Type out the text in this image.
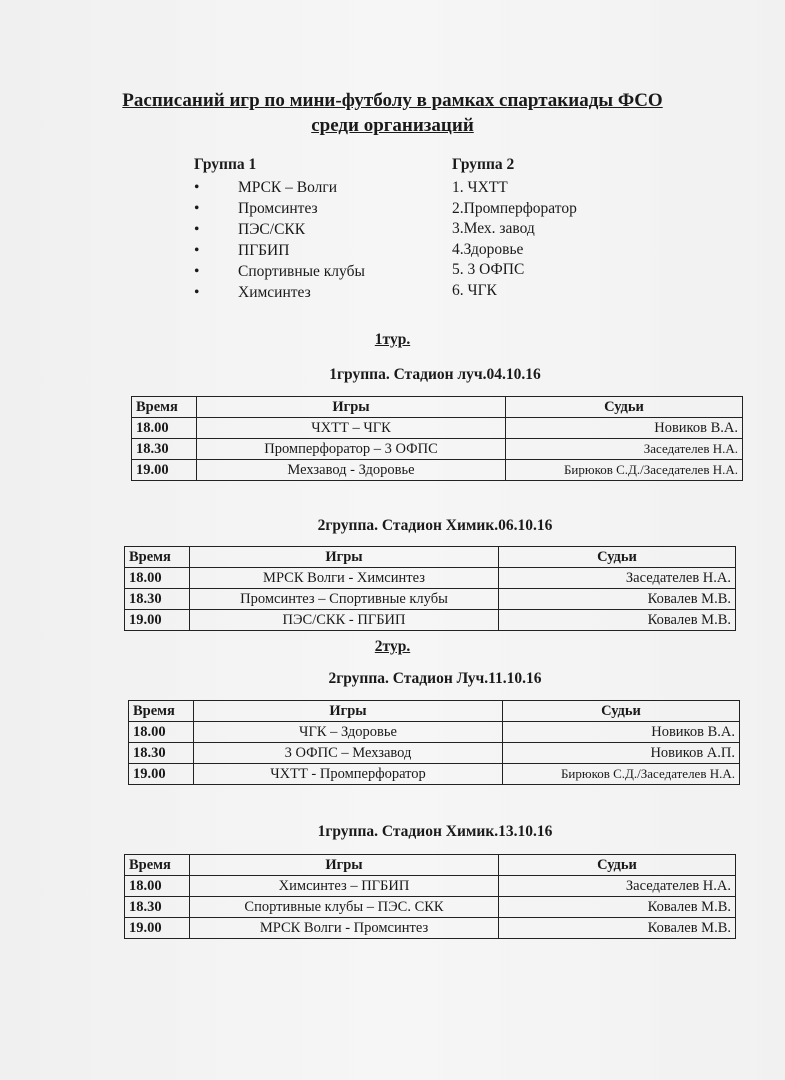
Расписаний игр по мини-футболу в рамках спартакиады ФСО
среди организаций
Группа 1
• МРСК – Волги
• Промсинтез
• ПЭС/СКК
• ПГБИП
• Спортивные клубы
• Химсинтез
Группа 2
1. ЧХТТ
2.Промперфоратор
3.Мех. завод
4.Здоровье
5. 3 ОФПС
6. ЧГК
1тур.
1группа. Стадион луч.04.10.16
Время	Игры	Судьи
18.00	ЧХТТ – ЧГК	Новиков В.А.
18.30	Промперфоратор – 3 ОФПС	Заседателев Н.А.
19.00	Мехзавод - Здоровье	Бирюков С.Д./Заседателев Н.А.
2группа. Стадион Химик.06.10.16
Время	Игры	Судьи
18.00	МРСК Волги - Химсинтез	Заседателев Н.А.
18.30	Промсинтез – Спортивные клубы	Ковалев М.В.
19.00	ПЭС/СКК - ПГБИП	Ковалев М.В.
2тур.
2группа. Стадион Луч.11.10.16
Время	Игры	Судьи
18.00	ЧГК – Здоровье	Новиков В.А.
18.30	3 ОФПС – Мехзавод	Новиков А.П.
19.00	ЧХТТ - Промперфоратор	Бирюков С.Д./Заседателев Н.А.
1группа. Стадион Химик.13.10.16
Время	Игры	Судьи
18.00	Химсинтез – ПГБИП	Заседателев Н.А.
18.30	Спортивные клубы – ПЭС. СКК	Ковалев М.В.
19.00	МРСК Волги - Промсинтез	Ковалев М.В.
